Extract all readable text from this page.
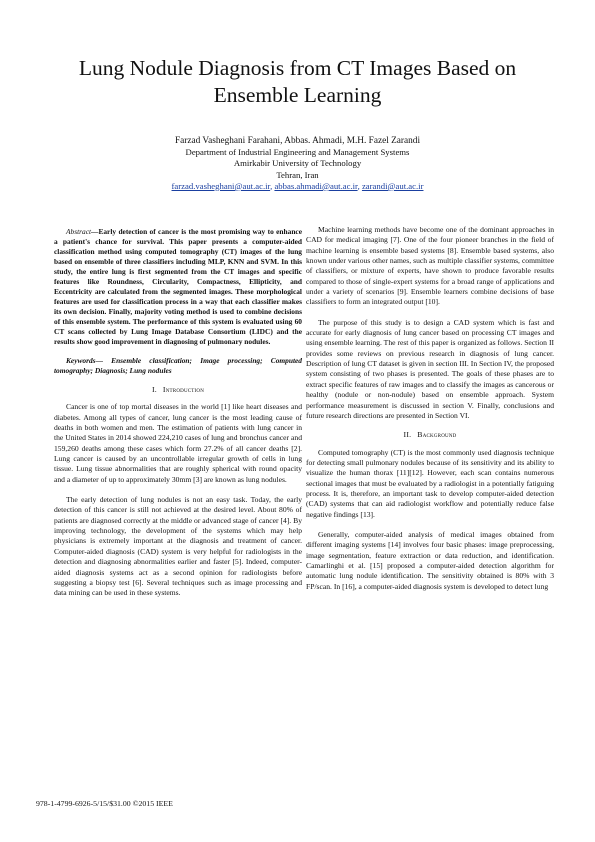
Lung Nodule Diagnosis from CT Images Based on Ensemble Learning
Farzad Vasheghani Farahani, Abbas. Ahmadi, M.H. Fazel Zarandi
Department of Industrial Engineering and Management Systems
Amirkabir University of Technology
Tehran, Iran
farzad.vasheghani@aut.ac.ir, abbas.ahmadi@aut.ac.ir, zarandi@aut.ac.ir

Abstract—Early detection of cancer is the most promising way to enhance a patient's chance for survival. This paper presents a computer-aided classification method using computed tomography (CT) images of the lung based on ensemble of three classifiers including MLP, KNN and SVM. In this study, the entire lung is first segmented from the CT images and specific features like Roundness, Circularity, Compactness, Ellipticity, and Eccentricity are calculated from the segmented images. These morphological features are used for classification process in a way that each classifier makes its own decision. Finally, majority voting method is used to combine decisions of this ensemble system. The performance of this system is evaluated using 60 CT scans collected by Lung Image Database Consortium (LIDC) and the results show good improvement in diagnosing of pulmonary nodules.

Keywords— Ensemble classification; Image processing; Computed tomography; Diagnosis; Lung nodules

I. Introduction

Cancer is one of top mortal diseases in the world [1] like heart diseases and diabetes. Among all types of cancer, lung cancer is the most leading cause of deaths in both women and men. The estimation of patients with lung cancer in the United States in 2014 showed 224,210 cases of lung and bronchus cancer and 159,260 deaths among these cases which form 27.2% of all cancer deaths [2]. Lung cancer is caused by an uncontrollable irregular growth of cells in lung tissue. Lung tissue abnormalities that are roughly spherical with round opacity and a diameter of up to approximately 30mm [3] are known as lung nodules.

The early detection of lung nodules is not an easy task. Today, the early detection of this cancer is still not achieved at the desired level. About 80% of patients are diagnosed correctly at the middle or advanced stage of cancer [4]. By improving technology, the development of the systems which may help physicians is extremely important at the diagnosis and treatment of cancer. Computer-aided diagnosis (CAD) system is very helpful for radiologists in the detection and diagnosing abnormalities earlier and faster [5]. Indeed, computer-aided diagnosis systems act as a second opinion for radiologists before suggesting a biopsy test [6]. Several techniques such as image processing and data mining can be used in these systems.

Machine learning methods have become one of the dominant approaches in CAD for medical imaging [7]. One of the four pioneer branches in the field of machine learning is ensemble based systems [8]. Ensemble based systems, also known under various other names, such as multiple classifier systems, committee of classifiers, or mixture of experts, have shown to produce favorable results compared to those of single-expert systems for a broad range of applications and under a variety of scenarios [9]. Ensemble learners combine decisions of base classifiers to form an integrated output [10].

The purpose of this study is to design a CAD system which is fast and accurate for early diagnosis of lung cancer based on processing CT images and using ensemble learning. The rest of this paper is organized as follows. Section II provides some reviews on previous research in diagnosis of lung cancer. Description of lung CT dataset is given in section III. In Section IV, the proposed system consisting of two phases is presented. The goals of these phases are to extract specific features of raw images and to classify the images as cancerous or healthy (nodule or non-nodule) based on ensemble approach. System performance measurement is discussed in section V. Finally, conclusions and future research directions are presented in Section VI.

II. Background

Computed tomography (CT) is the most commonly used diagnosis technique for detecting small pulmonary nodules because of its sensitivity and its ability to visualize the human thorax [11][12]. However, each scan contains numerous sectional images that must be evaluated by a radiologist in a potentially fatiguing process. It is, therefore, an important task to develop computer-aided detection (CAD) systems that can aid radiologist workflow and potentially reduce false negative findings [13].

Generally, computer-aided analysis of medical images obtained from different imaging systems [14] involves four basic phases: image preprocessing, image segmentation, feature extraction or data reduction, and identification. Camarlinghi et al. [15] proposed a computer-aided detection algorithm for automatic lung nodule identification. The sensitivity obtained is 80% with 3 FP/scan. In [16], a computer-aided diagnosis system is developed to detect lung

978-1-4799-6926-5/15/$31.00 ©2015 IEEE
